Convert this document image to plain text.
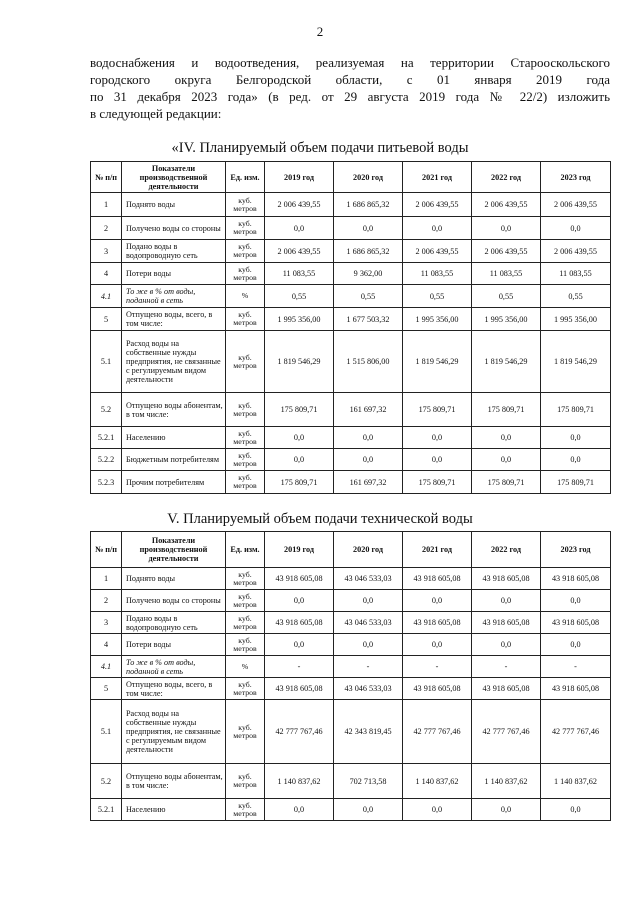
2
водоснабжения и водоотведения, реализуемая на территории Старооскольского
городского округа Белгородской области, с 01 января 2019 года
по 31 декабря 2023 года» (в ред. от 29 августа 2019 года № 22/2) изложить
в следующей редакции:
«IV. Планируемый объем подачи питьевой воды
№ п/п	Показатели производственной деятельности	Ед. изм.	2019 год	2020 год	2021 год	2022 год	2023 год
1	Поднято воды	куб. метров	2 006 439,55	1 686 865,32	2 006 439,55	2 006 439,55	2 006 439,55
2	Получено воды со стороны	куб. метров	0,0	0,0	0,0	0,0	0,0
3	Подано воды в водопроводную сеть	куб. метров	2 006 439,55	1 686 865,32	2 006 439,55	2 006 439,55	2 006 439,55
4	Потери воды	куб. метров	11 083,55	9 362,00	11 083,55	11 083,55	11 083,55
4.1	То же в % от воды, поданной в сеть	%	0,55	0,55	0,55	0,55	0,55
5	Отпущено воды, всего, в том числе:	куб. метров	1 995 356,00	1 677 503,32	1 995 356,00	1 995 356,00	1 995 356,00
5.1	Расход воды на собственные нужды предприятия, не связанные с регулируемым видом деятельности	куб. метров	1 819 546,29	1 515 806,00	1 819 546,29	1 819 546,29	1 819 546,29
5.2	Отпущено воды абонентам, в том числе:	куб. метров	175 809,71	161 697,32	175 809,71	175 809,71	175 809,71
5.2.1	Населению	куб. метров	0,0	0,0	0,0	0,0	0,0
5.2.2	Бюджетным потребителям	куб. метров	0,0	0,0	0,0	0,0	0,0
5.2.3	Прочим потребителям	куб. метров	175 809,71	161 697,32	175 809,71	175 809,71	175 809,71
V. Планируемый объем подачи технической воды
№ п/п	Показатели производственной деятельности	Ед. изм.	2019 год	2020 год	2021 год	2022 год	2023 год
1	Поднято воды	куб. метров	43 918 605,08	43 046 533,03	43 918 605,08	43 918 605,08	43 918 605,08
2	Получено воды со стороны	куб. метров	0,0	0,0	0,0	0,0	0,0
3	Подано воды в водопроводную сеть	куб. метров	43 918 605,08	43 046 533,03	43 918 605,08	43 918 605,08	43 918 605,08
4	Потери воды	куб. метров	0,0	0,0	0,0	0,0	0,0
4.1	То же в % от воды, поданной в сеть	%	-	-	-	-	-
5	Отпущено воды, всего, в том числе:	куб. метров	43 918 605,08	43 046 533,03	43 918 605,08	43 918 605,08	43 918 605,08
5.1	Расход воды на собственные нужды предприятия, не связанные с регулируемым видом деятельности	куб. метров	42 777 767,46	42 343 819,45	42 777 767,46	42 777 767,46	42 777 767,46
5.2	Отпущено воды абонентам, в том числе:	куб. метров	1 140 837,62	702 713,58	1 140 837,62	1 140 837,62	1 140 837,62
5.2.1	Населению	куб. метров	0,0	0,0	0,0	0,0	0,0
